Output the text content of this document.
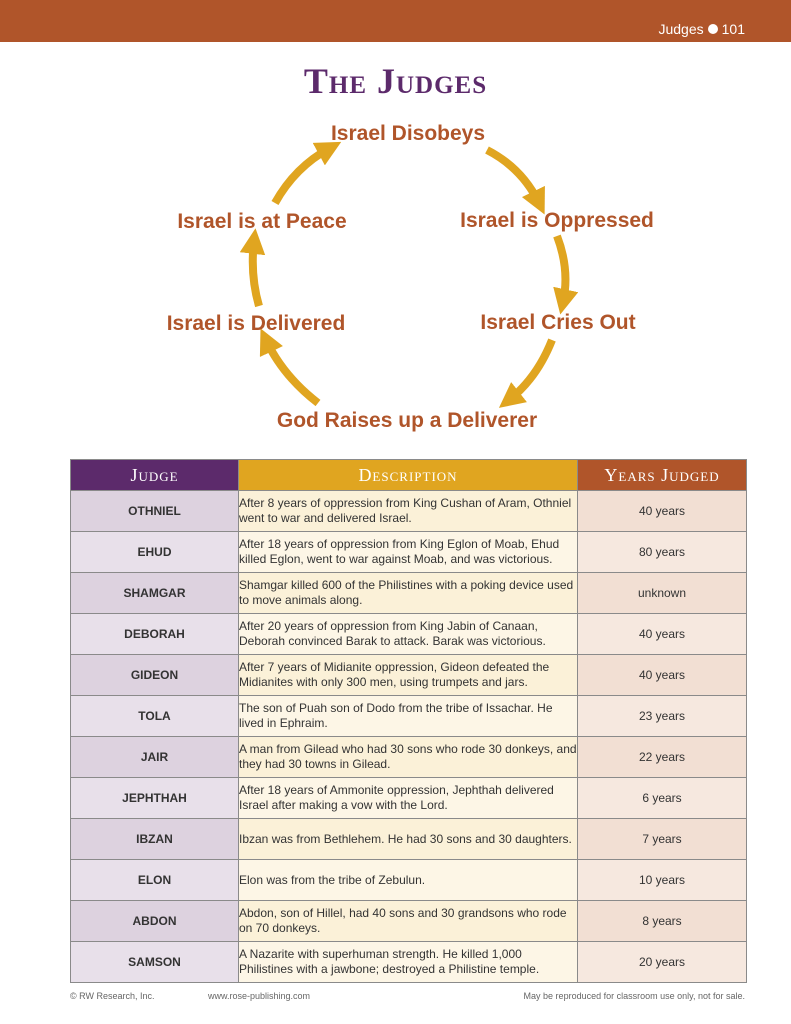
Judges 101
The Judges
Israel Disobeys
Israel is Oppressed
Israel Cries Out
God Raises up a Deliverer
Israel is Delivered
Israel is at Peace
Judge	Description	Years Judged
OTHNIEL	After 8 years of oppression from King Cushan of Aram, Othniel went to war and delivered Israel.	40 years
EHUD	After 18 years of oppression from King Eglon of Moab, Ehud killed Eglon, went to war against Moab, and was victorious.	80 years
SHAMGAR	Shamgar killed 600 of the Philistines with a poking device used to move animals along.	unknown
DEBORAH	After 20 years of oppression from King Jabin of Canaan, Deborah convinced Barak to attack. Barak was victorious.	40 years
GIDEON	After 7 years of Midianite oppression, Gideon defeated the Midianites with only 300 men, using trumpets and jars.	40 years
TOLA	The son of Puah son of Dodo from the tribe of Issachar. He lived in Ephraim.	23 years
JAIR	A man from Gilead who had 30 sons who rode 30 donkeys, and they had 30 towns in Gilead.	22 years
JEPHTHAH	After 18 years of Ammonite oppression, Jephthah delivered Israel after making a vow with the Lord.	6 years
IBZAN	Ibzan was from Bethlehem. He had 30 sons and 30 daughters.	7 years
ELON	Elon was from the tribe of Zebulun.	10 years
ABDON	Abdon, son of Hillel, had 40 sons and 30 grandsons who rode on 70 donkeys.	8 years
SAMSON	A Nazarite with superhuman strength. He killed 1,000 Philistines with a jawbone; destroyed a Philistine temple.	20 years
© RW Research, Inc.	www.rose-publishing.com	May be reproduced for classroom use only, not for sale.
